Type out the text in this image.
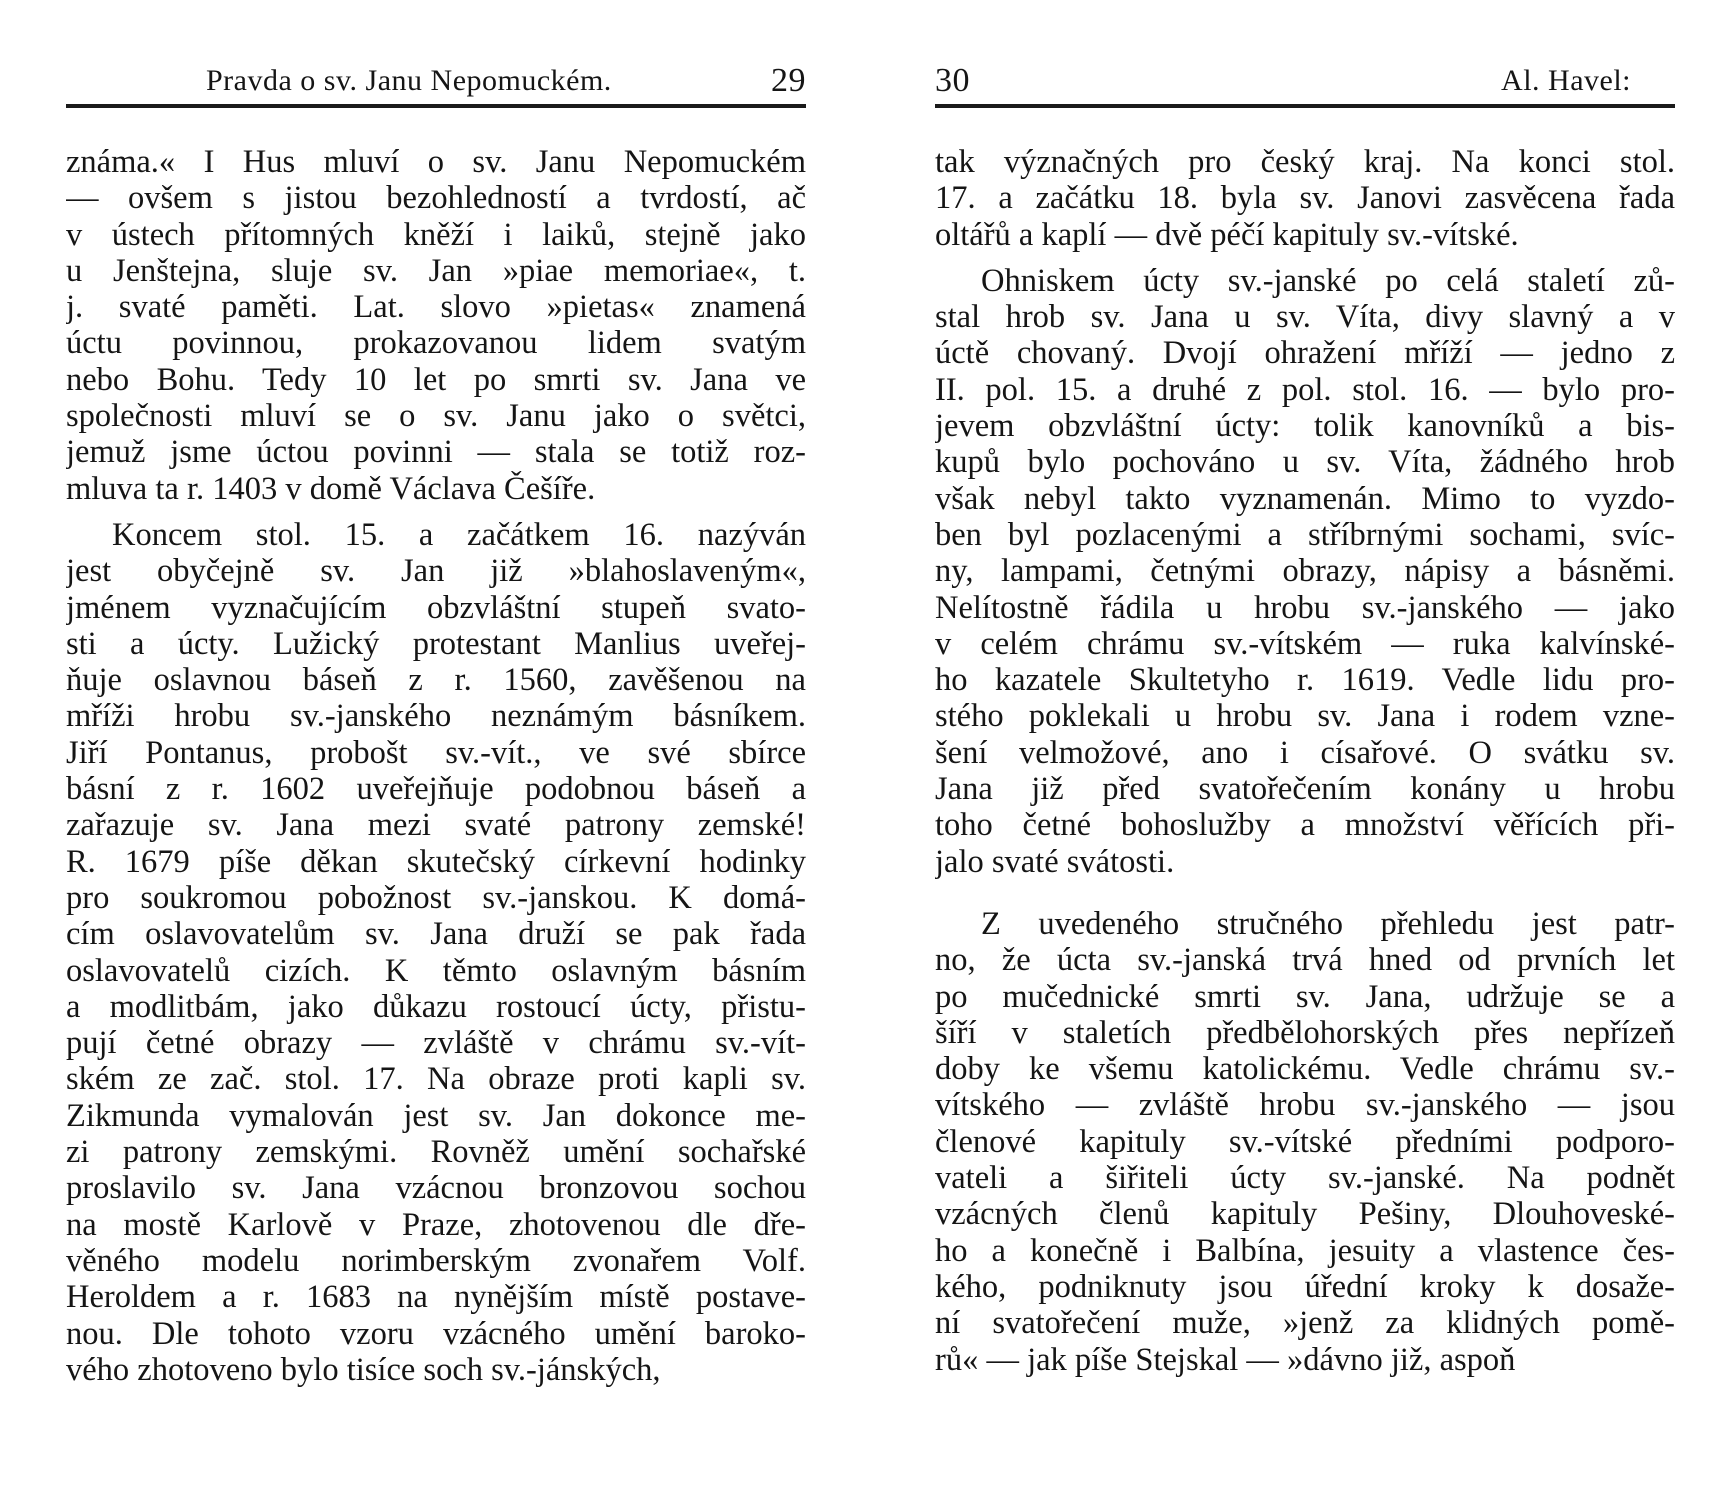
Pravda o sv. Janu Nepomuckém.	29
známa.« I Hus mluví o sv. Janu Nepomuckém
— ovšem s jistou bezohledností a tvrdostí, ač
v ústech přítomných kněží i laiků, stejně jako
u Jenštejna, sluje sv. Jan »piae memoriae«, t.
j. svaté paměti. Lat. slovo »pietas« znamená
úctu povinnou, prokazovanou lidem svatým
nebo Bohu. Tedy 10 let po smrti sv. Jana ve
společnosti mluví se o sv. Janu jako o světci,
jemuž jsme úctou povinni — stala se totiž roz-
mluva ta r. 1403 v domě Václava Češíře.
Koncem stol. 15. a začátkem 16. nazýván
jest obyčejně sv. Jan již »blahoslaveným«,
jménem vyznačujícím obzvláštní stupeň svato-
sti a úcty. Lužický protestant Manlius uveřej-
ňuje oslavnou báseň z r. 1560, zavěšenou na
mříži hrobu sv.-janského neznámým básníkem.
Jiří Pontanus, probošt sv.-vít., ve své sbírce
básní z r. 1602 uveřejňuje podobnou báseň a
zařazuje sv. Jana mezi svaté patrony zemské!
R. 1679 píše děkan skutečský církevní hodinky
pro soukromou pobožnost sv.-janskou. K domá-
cím oslavovatelům sv. Jana druží se pak řada
oslavovatelů cizích. K těmto oslavným básním
a modlitbám, jako důkazu rostoucí úcty, přistu-
pují četné obrazy — zvláště v chrámu sv.-vít-
ském ze zač. stol. 17. Na obraze proti kapli sv.
Zikmunda vymalován jest sv. Jan dokonce me-
zi patrony zemskými. Rovněž umění sochařské
proslavilo sv. Jana vzácnou bronzovou sochou
na mostě Karlově v Praze, zhotovenou dle dře-
věného modelu norimberským zvonařem Volf.
Heroldem a r. 1683 na nynějším místě postave-
nou. Dle tohoto vzoru vzácného umění baroko-
vého zhotoveno bylo tisíce soch sv.-jánských,
30	Al. Havel:
tak význačných pro český kraj. Na konci stol.
17. a začátku 18. byla sv. Janovi zasvěcena řada
oltářů a kaplí — dvě péčí kapituly sv.-vítské.
Ohniskem úcty sv.-janské po celá staletí zů-
stal hrob sv. Jana u sv. Víta, divy slavný a v
úctě chovaný. Dvojí ohražení mříží — jedno z
II. pol. 15. a druhé z pol. stol. 16. — bylo pro-
jevem obzvláštní úcty: tolik kanovníků a bis-
kupů bylo pochováno u sv. Víta, žádného hrob
však nebyl takto vyznamenán. Mimo to vyzdo-
ben byl pozlacenými a stříbrnými sochami, svíc-
ny, lampami, četnými obrazy, nápisy a básněmi.
Nelítostně řádila u hrobu sv.-janského — jako
v celém chrámu sv.-vítském — ruka kalvínské-
ho kazatele Skultetyho r. 1619. Vedle lidu pro-
stého poklekali u hrobu sv. Jana i rodem vzne-
šení velmožové, ano i císařové. O svátku sv.
Jana již před svatořečením konány u hrobu
toho četné bohoslužby a množství věřících při-
jalo svaté svátosti.
Z uvedeného stručného přehledu jest patr-
no, že úcta sv.-janská trvá hned od prvních let
po mučednické smrti sv. Jana, udržuje se a
šíří v staletích předbělohorských přes nepřízeň
doby ke všemu katolickému. Vedle chrámu sv.-
vítského — zvláště hrobu sv.-janského — jsou
členové kapituly sv.-vítské předními podporo-
vateli a šiřiteli úcty sv.-janské. Na podnět
vzácných členů kapituly Pešiny, Dlouhoveské-
ho a konečně i Balbína, jesuity a vlastence čes-
kého, podniknuty jsou úřední kroky k dosaže-
ní svatořečení muže, »jenž za klidných pomě-
rů« — jak píše Stejskal — »dávno již, aspoň
